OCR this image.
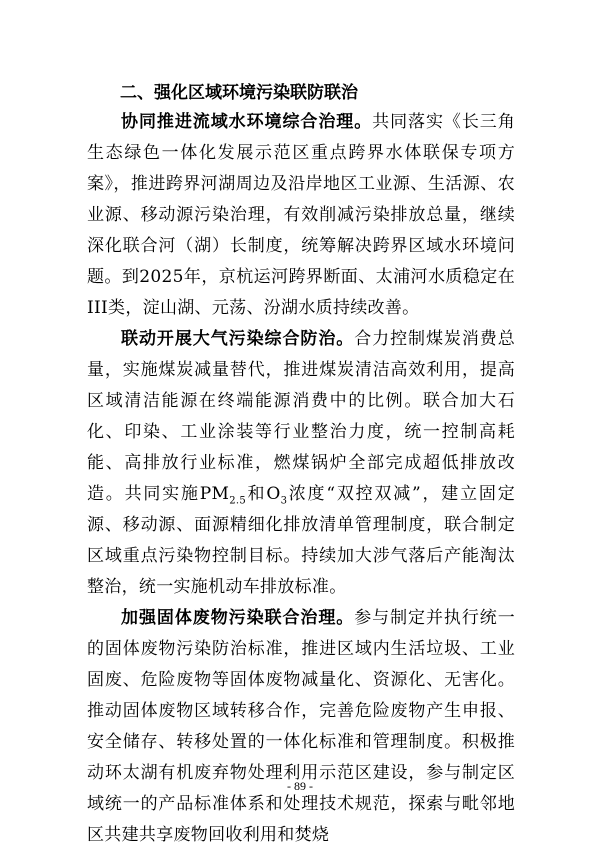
二、强化区域环境污染联防联治

协同推进流域水环境综合治理。共同落实《长三角生态绿色一体化发展示范区重点跨界水体联保专项方案》，推进跨界河湖周边及沿岸地区工业源、生活源、农业源、移动源污染治理，有效削减污染排放总量，继续深化联合河（湖）长制度，统筹解决跨界区域水环境问题。到2025年，京杭运河跨界断面、太浦河水质稳定在III类，淀山湖、元荡、汾湖水质持续改善。

联动开展大气污染综合防治。合力控制煤炭消费总量，实施煤炭减量替代，推进煤炭清洁高效利用，提高区域清洁能源在终端能源消费中的比例。联合加大石化、印染、工业涂装等行业整治力度，统一控制高耗能、高排放行业标准，燃煤锅炉全部完成超低排放改造。共同实施$PM_{2.5}$和$O_3$浓度“双控双减”，建立固定源、移动源、面源精细化排放清单管理制度，联合制定区域重点污染物控制目标。持续加大涉气落后产能淘汰整治，统一实施机动车排放标准。

加强固体废物污染联合治理。参与制定并执行统一的固体废物污染防治标准，推进区域内生活垃圾、工业固废、危险废物等固体废物减量化、资源化、无害化。推动固体废物区域转移合作，完善危险废物产生申报、安全储存、转移处置的一体化标准和管理制度。积极推动环太湖有机废弃物处理利用示范区建设，参与制定区域统一的产品标准体系和处理技术规范，探索与毗邻地区共建共享废物回收利用和焚烧

- 89 -
